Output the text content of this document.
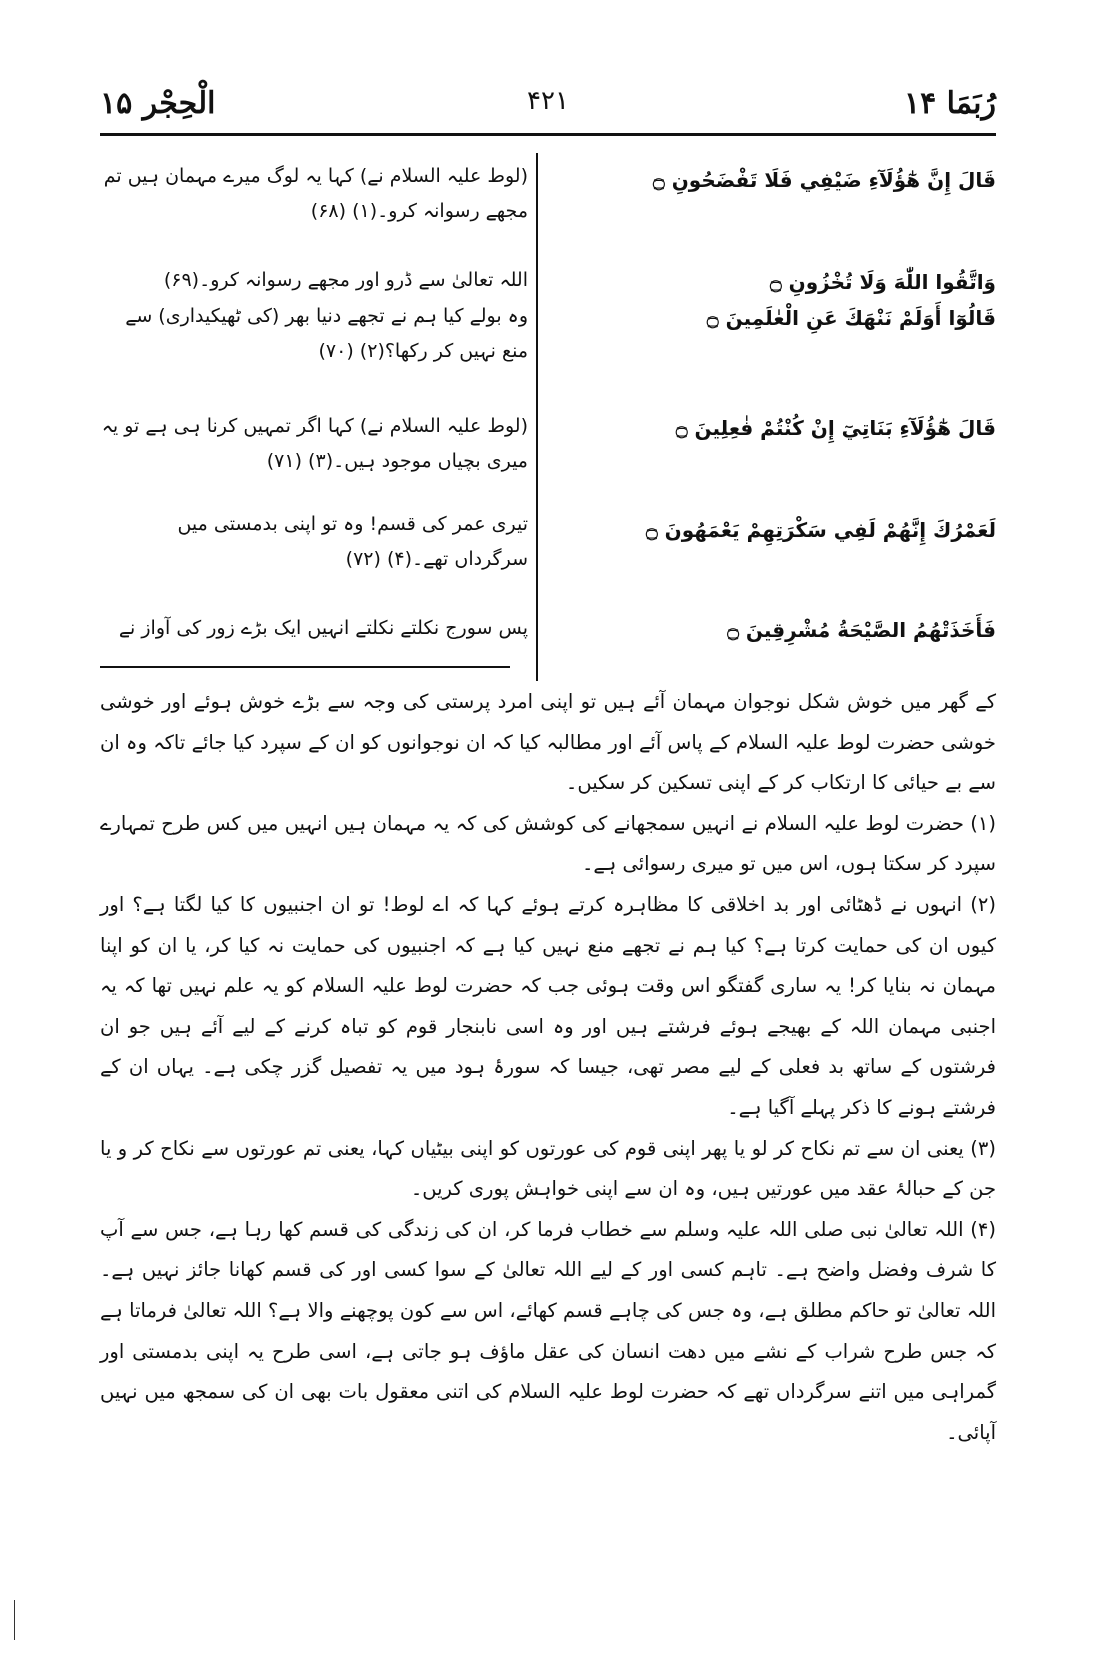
رُبَمَا ۱۴
۴۲۱
الْحِجْر ۱۵
قَالَ إِنَّ هٰٓؤُلَآءِ ضَيْفِي فَلَا تَفْضَحُونِ ۝
(لوط علیہ السلام نے) کہا یہ لوگ میرے مہمان ہیں تم مجھے رسوانہ کرو۔(۱) (۶۸)
وَاتَّقُوا اللّٰهَ وَلَا تُخْزُونِ ۝
اللہ تعالیٰ سے ڈرو اور مجھے رسوانہ کرو۔(۶۹)
قَالُوٓا أَوَلَمْ نَنْهَكَ عَنِ الْعٰلَمِينَ ۝
وہ بولے کیا ہم نے تجھے دنیا بھر (کی ٹھیکیداری) سے منع نہیں کر رکھا؟(۲) (۷۰)
قَالَ هٰٓؤُلَآءِ بَنَاتِيٓ إِنْ كُنْتُمْ فٰعِلِينَ ۝
(لوط علیہ السلام نے) کہا اگر تمہیں کرنا ہی ہے تو یہ میری بچیاں موجود ہیں۔(۳) (۷۱)
لَعَمْرُكَ إِنَّهُمْ لَفِي سَكْرَتِهِمْ يَعْمَهُونَ ۝
تیری عمر کی قسم! وہ تو اپنی بدمستی میں سرگرداں تھے۔(۴) (۷۲)
فَأَخَذَتْهُمُ الصَّيْحَةُ مُشْرِقِينَ ۝
پس سورج نکلتے نکلتے انہیں ایک بڑے زور کی آواز نے

کے گھر میں خوش شکل نوجوان مہمان آئے ہیں تو اپنی امرد پرستی کی وجہ سے بڑے خوش ہوئے اور خوشی خوشی حضرت لوط علیہ السلام کے پاس آئے اور مطالبہ کیا کہ ان نوجوانوں کو ان کے سپرد کیا جائے تاکہ وہ ان سے بے حیائی کا ارتکاب کر کے اپنی تسکین کر سکیں۔

(۱) حضرت لوط علیہ السلام نے انہیں سمجھانے کی کوشش کی کہ یہ مہمان ہیں انہیں میں کس طرح تمہارے سپرد کر سکتا ہوں، اس میں تو میری رسوائی ہے۔

(۲) انہوں نے ڈھٹائی اور بد اخلاقی کا مظاہرہ کرتے ہوئے کہا کہ اے لوط! تو ان اجنبیوں کا کیا لگتا ہے؟ اور کیوں ان کی حمایت کرتا ہے؟ کیا ہم نے تجھے منع نہیں کیا ہے کہ اجنبیوں کی حمایت نہ کیا کر، یا ان کو اپنا مہمان نہ بنایا کر! یہ ساری گفتگو اس وقت ہوئی جب کہ حضرت لوط علیہ السلام کو یہ علم نہیں تھا کہ یہ اجنبی مہمان اللہ کے بھیجے ہوئے فرشتے ہیں اور وہ اسی نابنجار قوم کو تباہ کرنے کے لیے آئے ہیں جو ان فرشتوں کے ساتھ بد فعلی کے لیے مصر تھی، جیسا کہ سورۂ ہود میں یہ تفصیل گزر چکی ہے۔ یہاں ان کے فرشتے ہونے کا ذکر پہلے آگیا ہے۔

(۳) یعنی ان سے تم نکاح کر لو یا پھر اپنی قوم کی عورتوں کو اپنی بیٹیاں کہا، یعنی تم عورتوں سے نکاح کر و یا جن کے حبالۂ عقد میں عورتیں ہیں، وہ ان سے اپنی خواہش پوری کریں۔

(۴) اللہ تعالیٰ نبی صلی اللہ علیہ وسلم سے خطاب فرما کر، ان کی زندگی کی قسم کھا رہا ہے، جس سے آپ کا شرف وفضل واضح ہے۔ تاہم کسی اور کے لیے اللہ تعالیٰ کے سوا کسی اور کی قسم کھانا جائز نہیں ہے۔ اللہ تعالیٰ تو حاکم مطلق ہے، وہ جس کی چاہے قسم کھائے، اس سے کون پوچھنے والا ہے؟ اللہ تعالیٰ فرماتا ہے کہ جس طرح شراب کے نشے میں دھت انسان کی عقل ماؤف ہو جاتی ہے، اسی طرح یہ اپنی بدمستی اور گمراہی میں اتنے سرگرداں تھے کہ حضرت لوط علیہ السلام کی اتنی معقول بات بھی ان کی سمجھ میں نہیں آپائی۔
